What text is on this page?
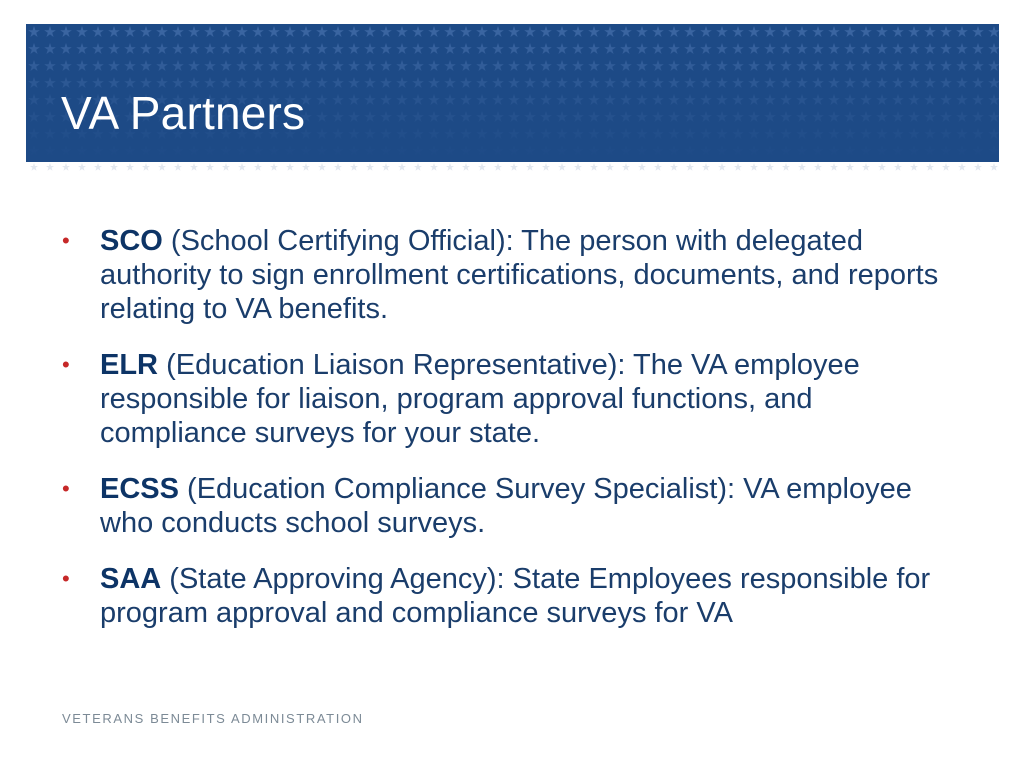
VA Partners
• SCO (School Certifying Official): The person with delegated authority to sign enrollment certifications, documents, and reports relating to VA benefits.
• ELR (Education Liaison Representative): The VA employee responsible for liaison, program approval functions, and compliance surveys for your state.
• ECSS (Education Compliance Survey Specialist): VA employee who conducts school surveys.
• SAA (State Approving Agency): State Employees responsible for program approval and compliance surveys for VA
VETERANS BENEFITS ADMINISTRATION
